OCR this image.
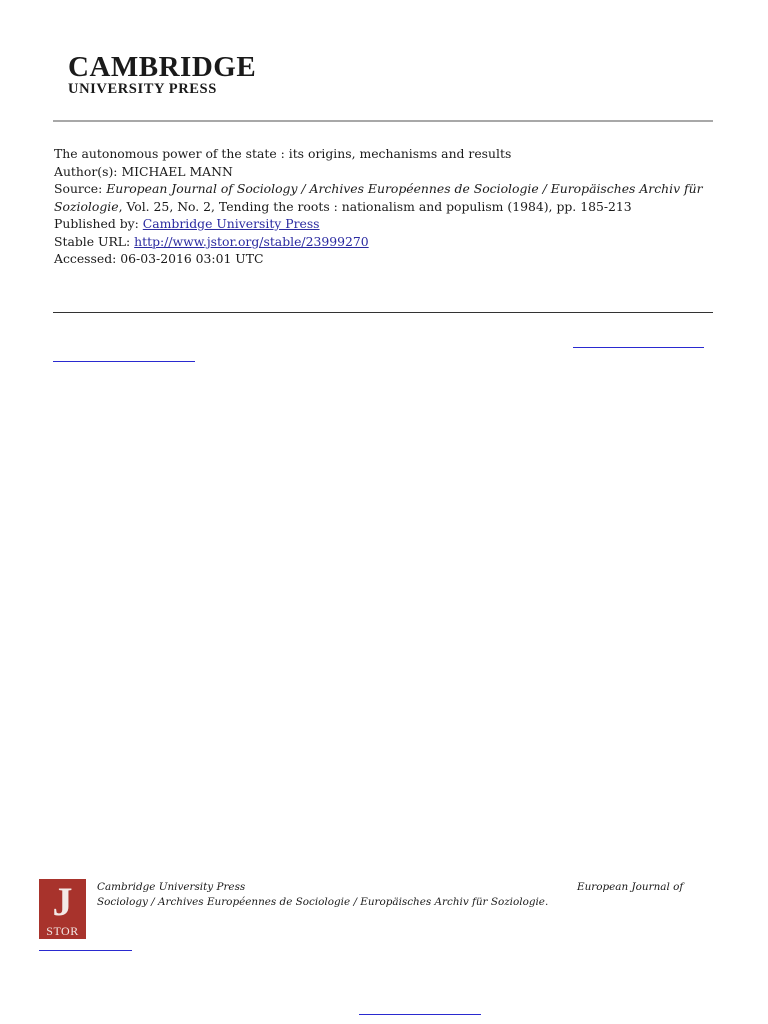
CAMBRIDGE
UNIVERSITY PRESS
The autonomous power of the state : its origins, mechanisms and results
Author(s): MICHAEL MANN
Source: European Journal of Sociology / Archives Européennes de Sociologie / Europäisches Archiv für Soziologie, Vol. 25, No. 2, Tending the roots : nationalism and populism (1984), pp. 185-213
Published by: Cambridge University Press
Stable URL: http://www.jstor.org/stable/23999270
Accessed: 06-03-2016 03:01 UTC
J
STOR
Cambridge University Press	European Journal of
Sociology / Archives Européennes de Sociologie / Europäisches Archiv für Soziologie.
